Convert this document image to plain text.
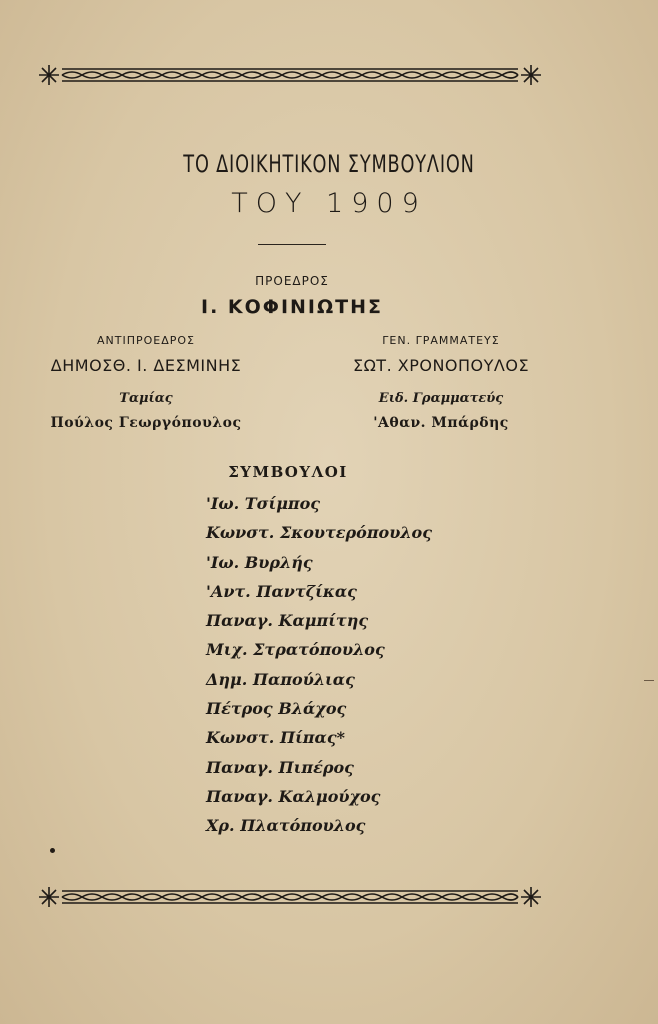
ΤΟ ΔΙΟΙΚΗΤΙΚΟΝ ΣΥΜΒΟΥΛΙΟΝ
ΤΟΥ 1909
ΠΡΟΕΔΡΟΣ
Ι. ΚΟΦΙΝΙΩΤΗΣ
ΑΝΤΙΠΡΟΕΔΡΟΣ
ΔΗΜΟΣΘ. Ι. ΔΕΣΜΙΝΗΣ
ΓΕΝ. ΓΡΑΜΜΑΤΕΥΣ
ΣΩΤ. ΧΡΟΝΟΠΟΥΛΟΣ
Ταμίας
Πούλος Γεωργόπουλος
Ειδ. Γραμματεύς
'Αθαν. Μπάρδης
ΣΥΜΒΟΥΛΟΙ
'Ιω. Τσίμπος
Κωνστ. Σκουτερόπουλος
'Ιω. Βυρλής
'Αντ. Παντζίκας
Παναγ. Καμπίτης
Μιχ. Στρατόπουλος
Δημ. Παπούλιας
Πέτρος Βλάχος
Κωνστ. Πίπας*
Παναγ. Πιπέρος
Παναγ. Καλμούχος
Χρ. Πλατόπουλος
